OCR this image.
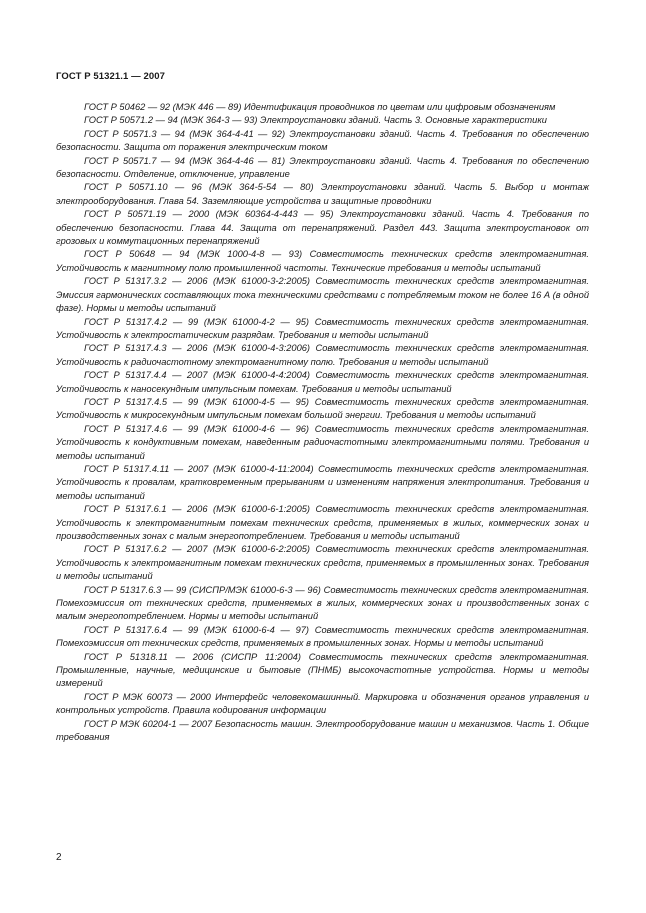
ГОСТ Р 51321.1 — 2007

ГОСТ Р 50462 — 92 (МЭК 446 — 89) Идентификация проводников по цветам или цифровым обозначениям

ГОСТ Р 50571.2 — 94 (МЭК 364-3 — 93) Электроустановки зданий. Часть 3. Основные характеристики

ГОСТ Р 50571.3 — 94 (МЭК 364-4-41 — 92) Электроустановки зданий. Часть 4. Требования по обеспечению безопасности. Защита от поражения электрическим током

ГОСТ Р 50571.7 — 94 (МЭК 364-4-46 — 81) Электроустановки зданий. Часть 4. Требования по обеспечению безопасности. Отделение, отключение, управление

ГОСТ Р 50571.10 — 96 (МЭК 364-5-54 — 80) Электроустановки зданий. Часть 5. Выбор и монтаж электрооборудования. Глава 54. Заземляющие устройства и защитные проводники

ГОСТ Р 50571.19 — 2000 (МЭК 60364-4-443 — 95) Электроустановки зданий. Часть 4. Требования по обеспечению безопасности. Глава 44. Защита от перенапряжений. Раздел 443. Защита электроустановок от грозовых и коммутационных перенапряжений

ГОСТ Р 50648 — 94 (МЭК 1000-4-8 — 93) Совместимость технических средств электромагнитная. Устойчивость к магнитному полю промышленной частоты. Технические требования и методы испытаний

ГОСТ Р 51317.3.2 — 2006 (МЭК 61000-3-2:2005) Совместимость технических средств электромагнитная. Эмиссия гармонических составляющих тока техническими средствами с потребляемым током не более 16 А (в одной фазе). Нормы и методы испытаний

ГОСТ Р 51317.4.2 — 99 (МЭК 61000-4-2 — 95) Совместимость технических средств электромагнитная. Устойчивость к электростатическим разрядам. Требования и методы испытаний

ГОСТ Р 51317.4.3 — 2006 (МЭК 61000-4-3:2006) Совместимость технических средств электромагнитная. Устойчивость к радиочастотному электромагнитному полю. Требования и методы испытаний

ГОСТ Р 51317.4.4 — 2007 (МЭК 61000-4-4:2004) Совместимость технических средств электромагнитная. Устойчивость к наносекундным импульсным помехам. Требования и методы испытаний

ГОСТ Р 51317.4.5 — 99 (МЭК 61000-4-5 — 95) Совместимость технических средств электромагнитная. Устойчивость к микросекундным импульсным помехам большой энергии. Требования и методы испытаний

ГОСТ Р 51317.4.6 — 99 (МЭК 61000-4-6 — 96) Совместимость технических средств электромагнитная. Устойчивость к кондуктивным помехам, наведенным радиочастотными электромагнитными полями. Требования и методы испытаний

ГОСТ Р 51317.4.11 — 2007 (МЭК 61000-4-11:2004) Совместимость технических средств электромагнитная. Устойчивость к провалам, кратковременным прерываниям и изменениям напряжения электропитания. Требования и методы испытаний

ГОСТ Р 51317.6.1 — 2006 (МЭК 61000-6-1:2005) Совместимость технических средств электромагнитная. Устойчивость к электромагнитным помехам технических средств, применяемых в жилых, коммерческих зонах и производственных зонах с малым энергопотреблением. Требования и методы испытаний

ГОСТ Р 51317.6.2 — 2007 (МЭК 61000-6-2:2005) Совместимость технических средств электромагнитная. Устойчивость к электромагнитным помехам технических средств, применяемых в промышленных зонах. Требования и методы испытаний

ГОСТ Р 51317.6.3 — 99 (СИСПР/МЭК 61000-6-3 — 96) Совместимость технических средств электромагнитная. Помехоэмиссия от технических средств, применяемых в жилых, коммерческих зонах и производственных зонах с малым энергопотреблением. Нормы и методы испытаний

ГОСТ Р 51317.6.4 — 99 (МЭК 61000-6-4 — 97) Совместимость технических средств электромагнитная. Помехоэмиссия от технических средств, применяемых в промышленных зонах. Нормы и методы испытаний

ГОСТ Р 51318.11 — 2006 (СИСПР 11:2004) Совместимость технических средств электромагнитная. Промышленные, научные, медицинские и бытовые (ПНМБ) высокочастотные устройства. Нормы и методы измерений

ГОСТ Р МЭК 60073 — 2000 Интерфейс человекомашинный. Маркировка и обозначения органов управления и контрольных устройств. Правила кодирования информации

ГОСТ Р МЭК 60204-1 — 2007 Безопасность машин. Электрооборудование машин и механизмов. Часть 1. Общие требования

2
